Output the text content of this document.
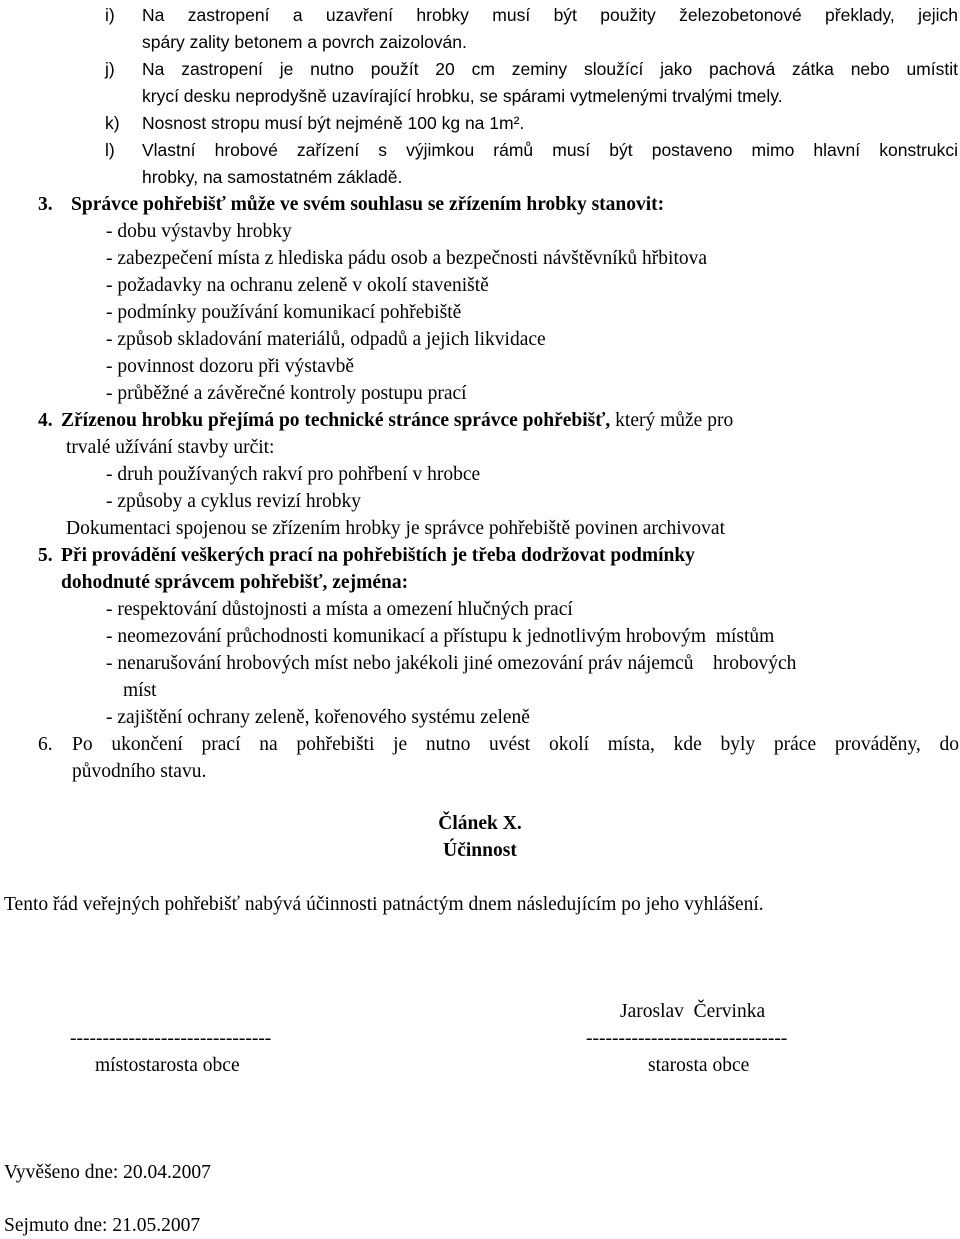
i) Na zastropení a uzavření hrobky musí být použity železobetonové překlady, jejich
spáry zality betonem a povrch zaizolován.
j) Na zastropení je nutno použít 20 cm zeminy sloužící jako pachová zátka nebo umístit
krycí desku neprodyšně uzavírající hrobku, se spárami vytmelenými trvalými tmely.
k) Nosnost stropu musí být nejméně 100 kg na 1m².
l) Vlastní hrobové zařízení s výjimkou rámů musí být postaveno mimo hlavní konstrukci
hrobky, na samostatném základě.
3. Správce pohřebišť může ve svém souhlasu se zřízením hrobky stanovit:
- dobu výstavby hrobky
- zabezpečení místa z hlediska pádu osob a bezpečnosti návštěvníků hřbitova
- požadavky na ochranu zeleně v okolí staveniště
- podmínky používání komunikací pohřebiště
- způsob skladování materiálů, odpadů a jejich likvidace
- povinnost dozoru při výstavbě
- průběžné a závěrečné kontroly postupu prací
4. Zřízenou hrobku přejímá po technické stránce správce pohřebišť, který může pro
trvalé užívání stavby určit:
- druh používaných rakví pro pohřbení v hrobce
- způsoby a cyklus revizí hrobky
Dokumentaci spojenou se zřízením hrobky je správce pohřebiště povinen archivovat
5. Při provádění veškerých prací na pohřebištích je třeba dodržovat podmínky
dohodnuté správcem pohřebišť, zejména:
- respektování důstojnosti a místa a omezení hlučných prací
- neomezování průchodnosti komunikací a přístupu k jednotlivým hrobovým  místům
- nenarušování hrobových míst nebo jakékoli jiné omezování práv nájemců    hrobových
míst
- zajištění ochrany zeleně, kořenového systému zeleně
6. Po ukončení prací na pohřebišti je nutno uvést okolí místa, kde byly práce prováděny, do
původního stavu.
Článek X.
Účinnost
Tento řád veřejných pohřebišť nabývá účinnosti patnáctým dnem následujícím po jeho vyhlášení.
Jaroslav  Červinka
-------------------------------	-------------------------------
místostarosta obce	starosta obce
Vyvěšeno dne: 20.04.2007
Sejmuto dne: 21.05.2007
